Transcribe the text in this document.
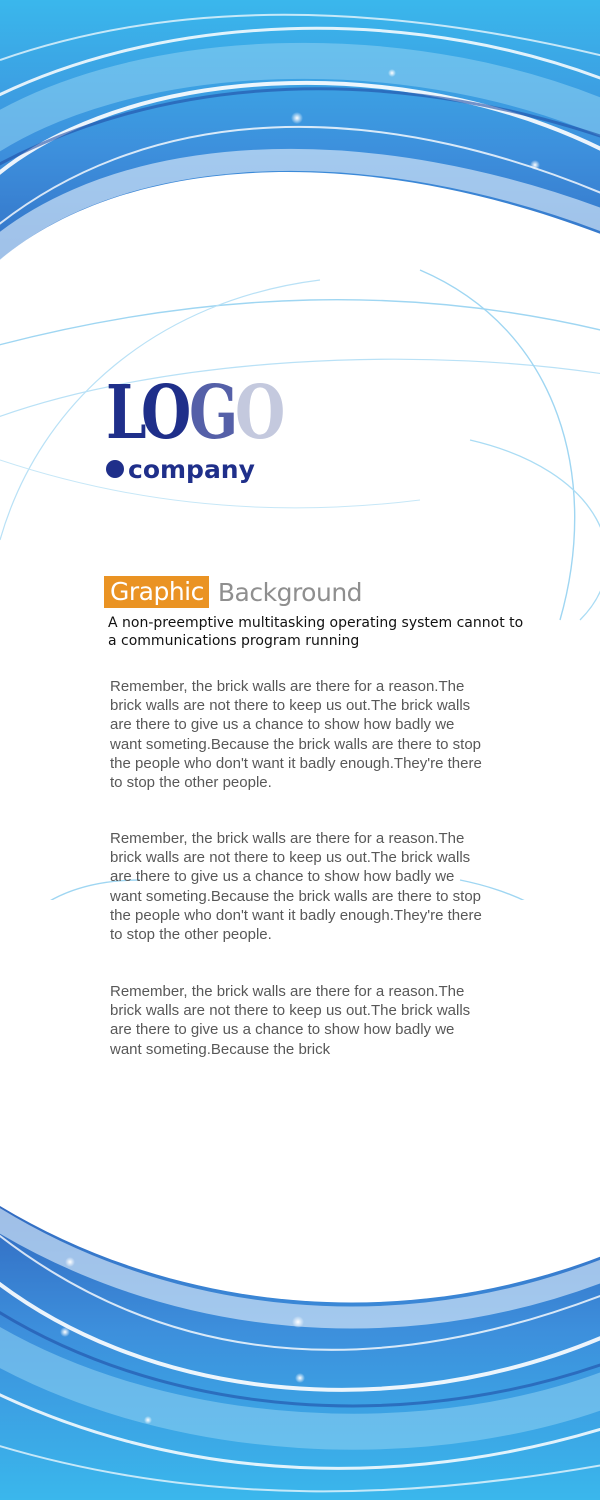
LOGO
company
Graphic Background
A non-preemptive multitasking operating system cannot to a communications program running
Remember, the brick walls are there for a reason.The brick walls are not there to keep us out.The brick walls are there to give us a chance to show how badly we want someting.Because the brick walls are there to stop the people who don't want it badly enough.They're there to stop the other people.
Remember, the brick walls are there for a reason.The brick walls are not there to keep us out.The brick walls are there to give us a chance to show how badly we want someting.Because the brick walls are there to stop the people who don't want it badly enough.They're there to stop the other people.
Remember, the brick walls are there for a reason.The brick walls are not there to keep us out.The brick walls are there to give us a chance to show how badly we want someting.Because the brick
